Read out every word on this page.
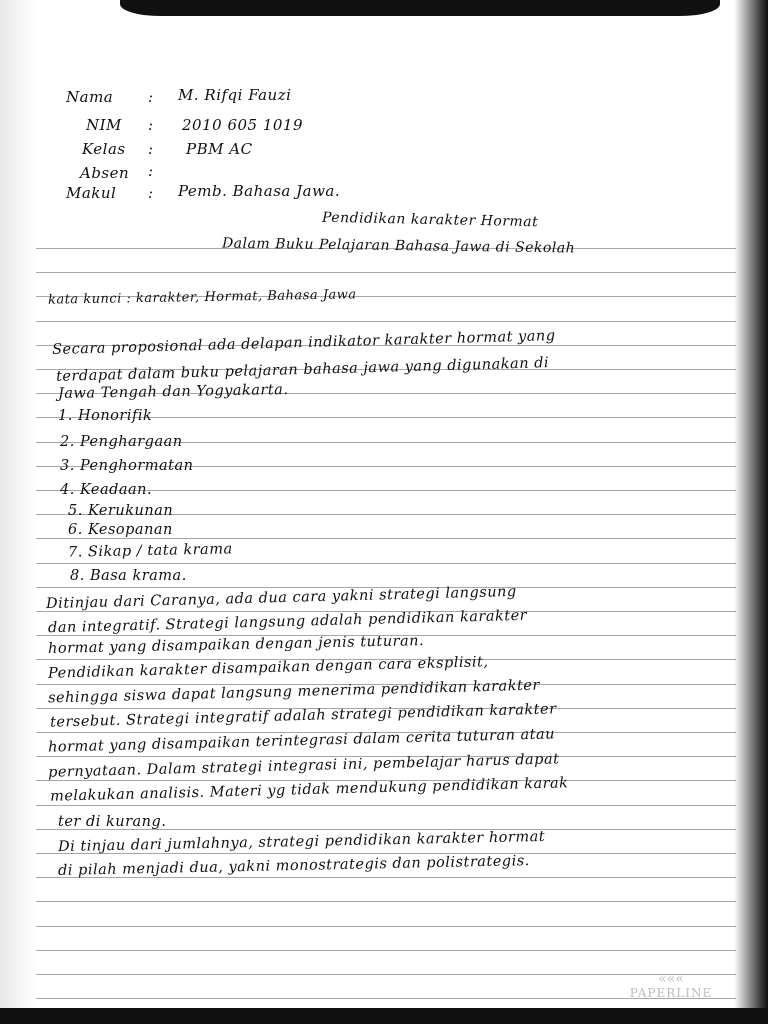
Nama : M. Rifqi Fauzi
NIM : 2010 605 1019
Kelas : PBM AC
Absen :
Makul : Pemb. Bahasa Jawa.
Pendidikan karakter Hormat
Dalam Buku Pelajaran Bahasa Jawa di Sekolah
kata kunci : karakter, Hormat, Bahasa Jawa
Secara proposional ada delapan indikator karakter hormat yang
terdapat dalam buku pelajaran bahasa jawa yang digunakan di
Jawa Tengah dan Yogyakarta.
1. Honorifik
2. Penghargaan
3. Penghormatan
4. Keadaan.
5. Kerukunan
6. Kesopanan
7. Sikap / tata krama
8. Basa krama.
Ditinjau dari Caranya, ada dua cara yakni strategi langsung
dan integratif. Strategi langsung adalah pendidikan karakter
hormat yang disampaikan dengan jenis tuturan.
Pendidikan karakter disampaikan dengan cara eksplisit,
sehingga siswa dapat langsung menerima pendidikan karakter
tersebut. Strategi integratif adalah strategi pendidikan karakter
hormat yang disampaikan terintegrasi dalam cerita tuturan atau
pernyataan. Dalam strategi integrasi ini, pembelajar harus dapat
melakukan analisis. Materi yg tidak mendukung pendidikan karak
ter di kurang.
Di tinjau dari jumlahnya, strategi pendidikan karakter hormat
di pilah menjadi dua, yakni monostrategis dan polistrategis.
«««
PAPERLINE
